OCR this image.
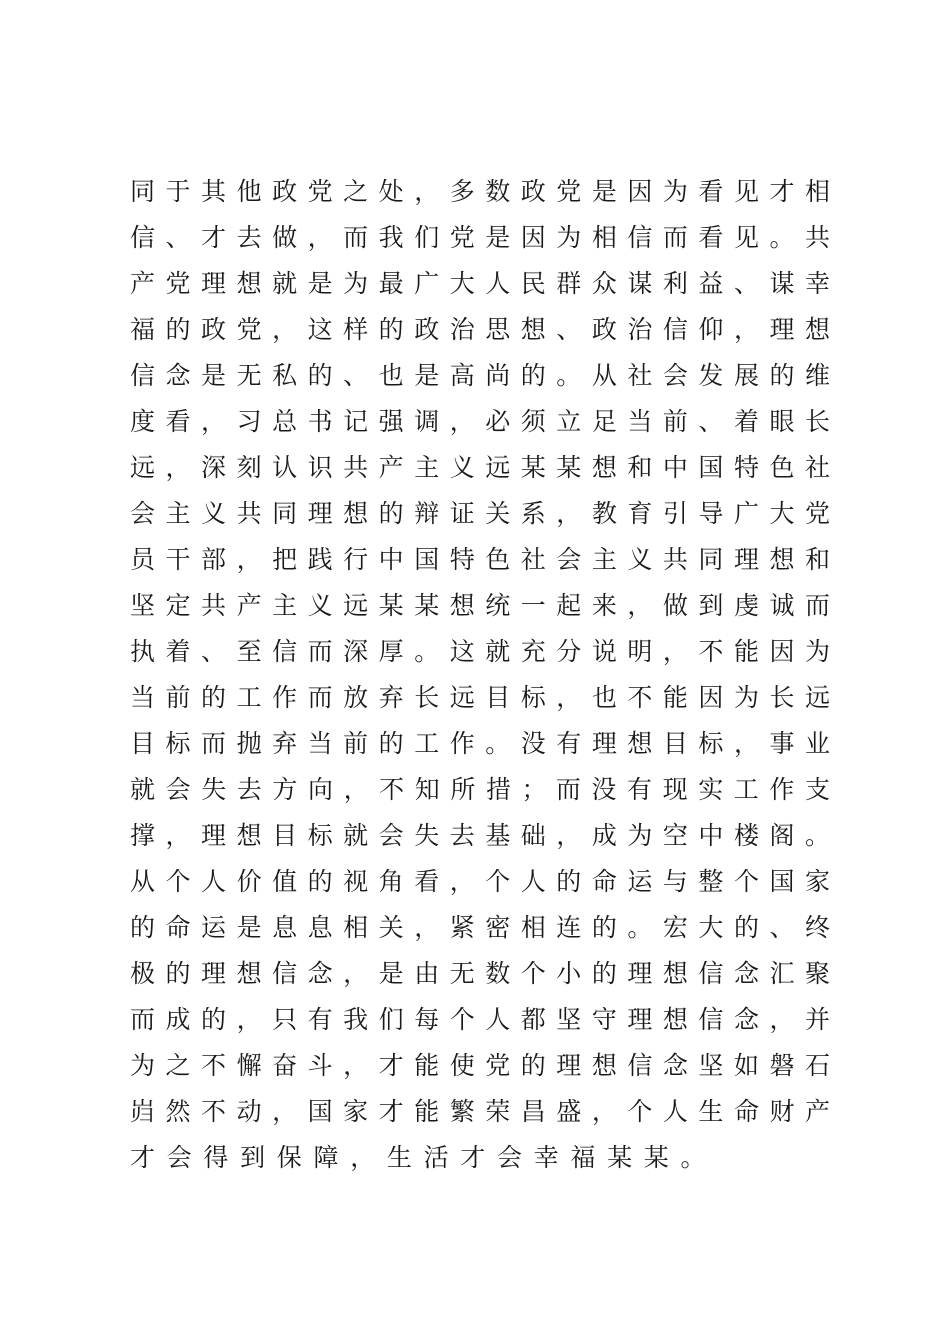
同 于 其 他 政 党 之 处 ， 多 数 政 党 是 因 为 看 见 才 相
信 、 才 去 做 ， 而 我 们 党 是 因 为 相 信 而 看 见 。 共
产 党 理 想 就 是 为 最 广 大 人 民 群 众 谋 利 益 、 谋 幸
福 的 政 党 ， 这 样 的 政 治 思 想 、 政 治 信 仰 ， 理 想
信 念 是 无 私 的 、 也 是 高 尚 的 。 从 社 会 发 展 的 维
度 看 ， 习 总 书 记 强 调 ， 必 须 立 足 当 前 、 着 眼 长
远 ， 深 刻 认 识 共 产 主 义 远 某 某 想 和 中 国 特 色 社
会 主 义 共 同 理 想 的 辩 证 关 系 ， 教 育 引 导 广 大 党
员 干 部 ， 把 践 行 中 国 特 色 社 会 主 义 共 同 理 想 和
坚 定 共 产 主 义 远 某 某 想 统 一 起 来 ， 做 到 虔 诚 而
执 着 、 至 信 而 深 厚 。 这 就 充 分 说 明 ， 不 能 因 为
当 前 的 工 作 而 放 弃 长 远 目 标 ， 也 不 能 因 为 长 远
目 标 而 抛 弃 当 前 的 工 作 。 没 有 理 想 目 标 ， 事 业
就 会 失 去 方 向 ， 不 知 所 措 ； 而 没 有 现 实 工 作 支
撑 ， 理 想 目 标 就 会 失 去 基 础 ， 成 为 空 中 楼 阁 。
从 个 人 价 值 的 视 角 看 ， 个 人 的 命 运 与 整 个 国 家
的 命 运 是 息 息 相 关 ， 紧 密 相 连 的 。 宏 大 的 、 终
极 的 理 想 信 念 ， 是 由 无 数 个 小 的 理 想 信 念 汇 聚
而 成 的 ， 只 有 我 们 每 个 人 都 坚 守 理 想 信 念 ， 并
为 之 不 懈 奋 斗 ， 才 能 使 党 的 理 想 信 念 坚 如 磐 石
岿 然 不 动 ， 国 家 才 能 繁 荣 昌 盛 ， 个 人 生 命 财 产
才会得到保障，生活才会幸福某某。
